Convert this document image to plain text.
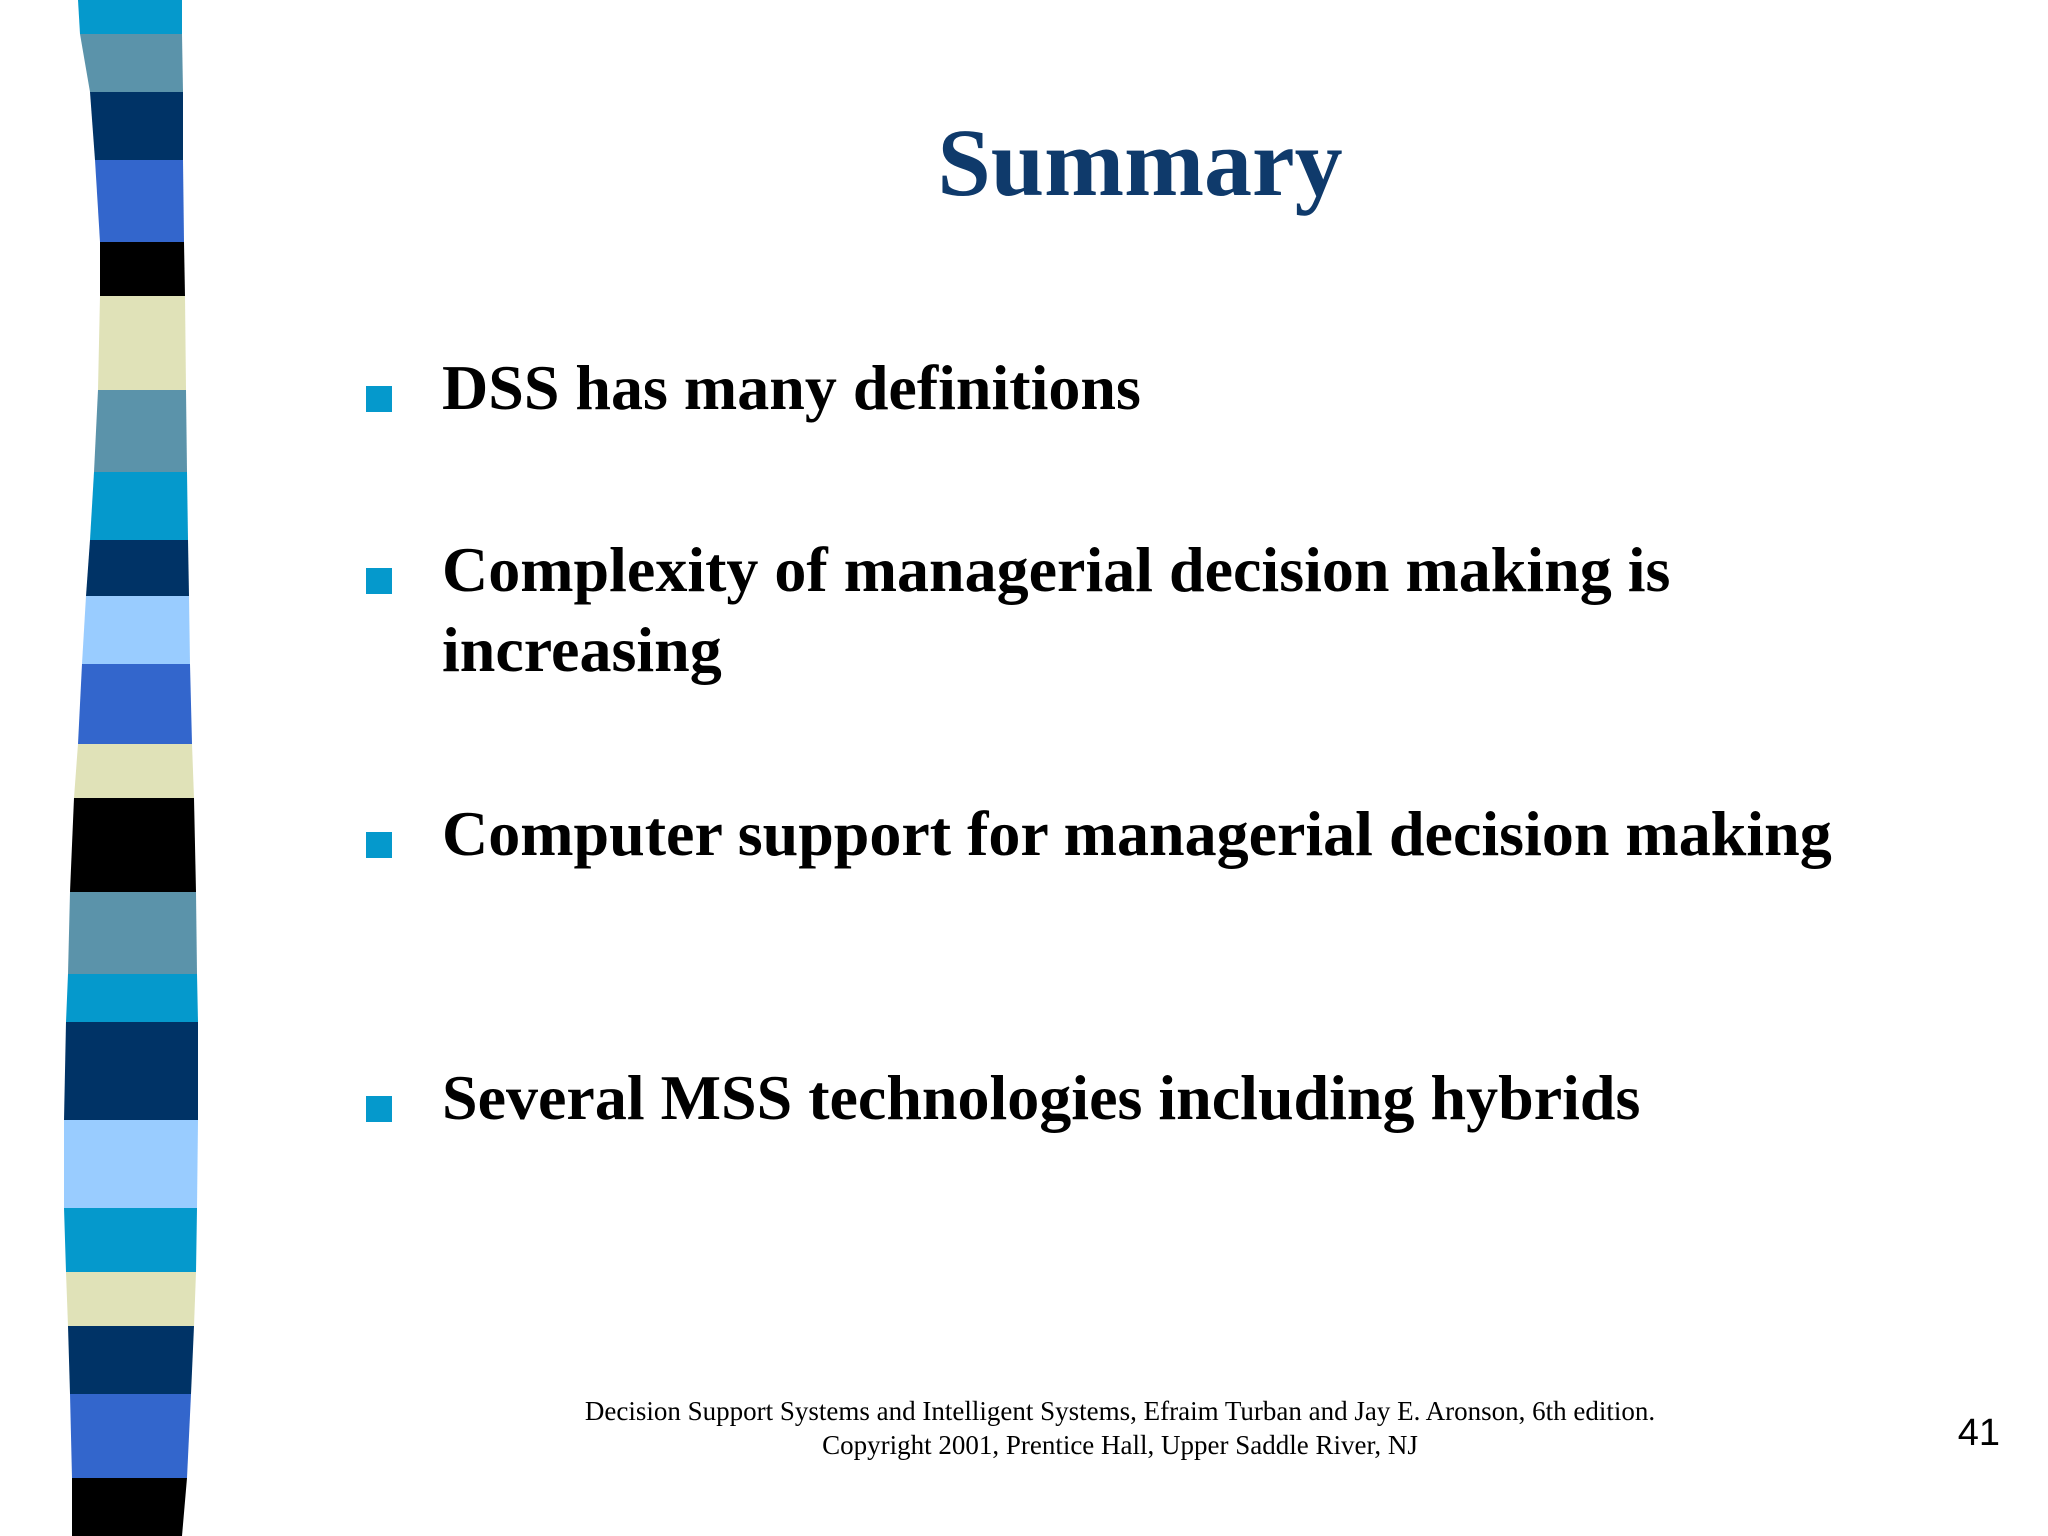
Summary
DSS has many definitions
Complexity of managerial decision making is increasing
Computer support for managerial decision making
Several MSS technologies including hybrids
Decision Support Systems and Intelligent Systems, Efraim Turban and Jay E. Aronson, 6th edition.
Copyright 2001, Prentice Hall, Upper Saddle River, NJ	41
